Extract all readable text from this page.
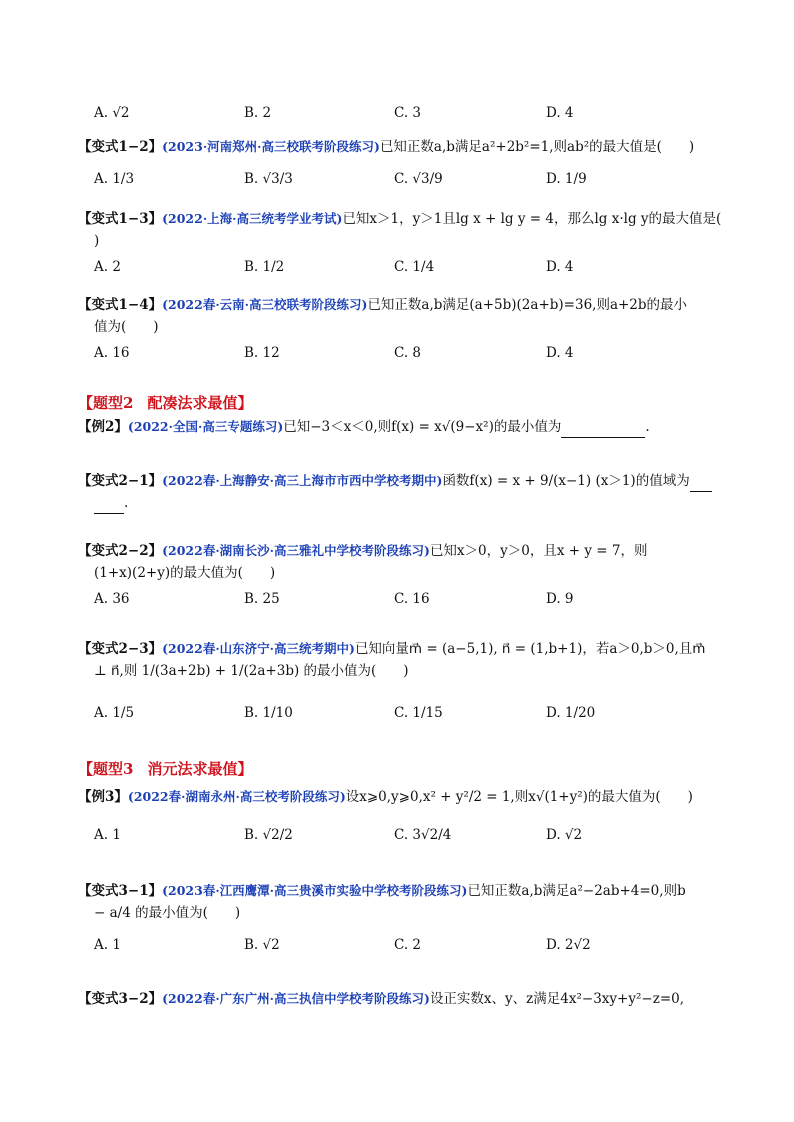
A. √2	B. 2	C. 3	D. 4
【变式1−2】(2023·河南郑州·高三校联考阶段练习)已知正数a,b满足a²+2b²=1,则ab²的最大值是(　　)
A. 1/3	B. √3/3	C. √3/9	D. 1/9
【变式1−3】(2022·上海·高三统考学业考试)已知x＞1，y＞1且lg x + lg y = 4，那么lg x·lg y的最大值是(
)
A. 2	B. 1/2	C. 1/4	D. 4
【变式1−4】(2022春·云南·高三校联考阶段练习)已知正数a,b满足(a+5b)(2a+b)=36,则a+2b的最小
值为(　　)
A. 16	B. 12	C. 8	D. 4
【题型2 配凑法求最值】
【例2】(2022·全国·高三专题练习)已知−3＜x＜0,则f(x) = x√(9−x²)的最小值为	.
【变式2−1】(2022春·上海静安·高三上海市市西中学校考期中)函数f(x) = x + 9/(x−1) (x＞1)的值域为
.
【变式2−2】(2022春·湖南长沙·高三雅礼中学校考阶段练习)已知x＞0，y＞0，且x + y = 7，则
(1+x)(2+y)的最大值为(　　)
A. 36	B. 25	C. 16	D. 9
【变式2−3】(2022春·山东济宁·高三统考期中)已知向量m⃗ = (a−5,1), n⃗ = (1,b+1)，若a＞0,b＞0,且m⃗
⊥ n⃗,则 1/(3a+2b) + 1/(2a+3b) 的最小值为(　　)
A. 1/5	B. 1/10	C. 1/15	D. 1/20
【题型3 消元法求最值】
【例3】(2022春·湖南永州·高三校考阶段练习)设x⩾0,y⩾0,x² + y²/2 = 1,则x√(1+y²)的最大值为(　　)
A. 1	B. √2/2	C. 3√2/4	D. √2
【变式3−1】(2023春·江西鹰潭·高三贵溪市实验中学校考阶段练习)已知正数a,b满足a²−2ab+4=0,则b
− a/4 的最小值为(　　)
A. 1	B. √2	C. 2	D. 2√2
【变式3−2】(2022春·广东广州·高三执信中学校考阶段练习)设正实数x、y、z满足4x²−3xy+y²−z=0,
